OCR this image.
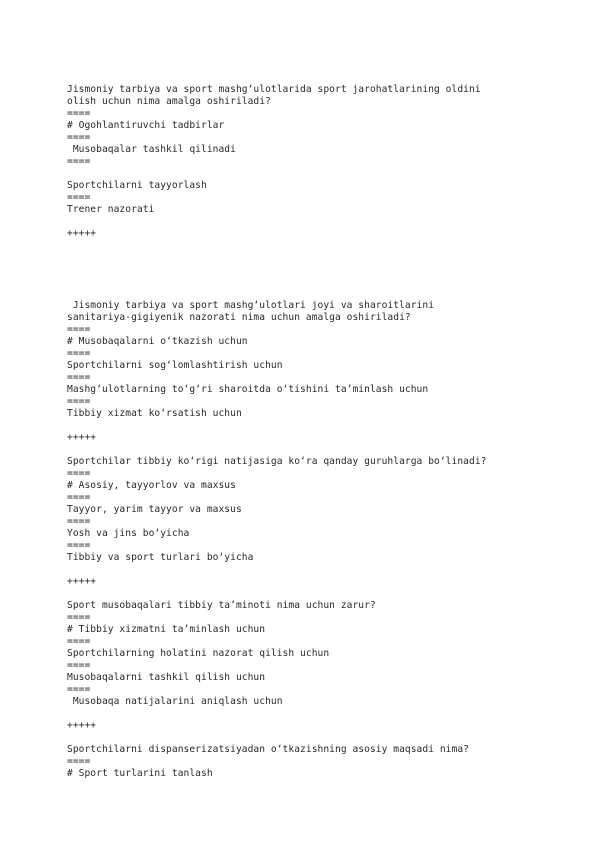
Jismoniy tarbiya va sport mashg‘ulotlarida sport jarohatlarining oldini
olish uchun nima amalga oshiriladi?
====
# Ogohlantiruvchi tadbirlar
====
Musobaqalar tashkil qilinadi
====
Sportchilarni tayyorlash
====
Trener nazorati
+++++
Jismoniy tarbiya va sport mashg‘ulotlari joyi va sharoitlarini
sanitariya-gigiyenik nazorati nima uchun amalga oshiriladi?
====
# Musobaqalarni o‘tkazish uchun
====
Sportchilarni sog‘lomlashtirish uchun
====
Mashg‘ulotlarning to‘g‘ri sharoitda o‘tishini ta’minlash uchun
====
Tibbiy xizmat ko‘rsatish uchun
+++++
Sportchilar tibbiy ko‘rigi natijasiga ko‘ra qanday guruhlarga bo‘linadi?
====
# Asosiy, tayyorlov va maxsus
====
Tayyor, yarim tayyor va maxsus
====
Yosh va jins bo‘yicha
====
Tibbiy va sport turlari bo‘yicha
+++++
Sport musobaqalari tibbiy ta’minoti nima uchun zarur?
====
# Tibbiy xizmatni ta’minlash uchun
====
Sportchilarning holatini nazorat qilish uchun
====
Musobaqalarni tashkil qilish uchun
====
Musobaqa natijalarini aniqlash uchun
+++++
Sportchilarni dispanserizatsiyadan o‘tkazishning asosiy maqsadi nima?
====
# Sport turlarini tanlash
